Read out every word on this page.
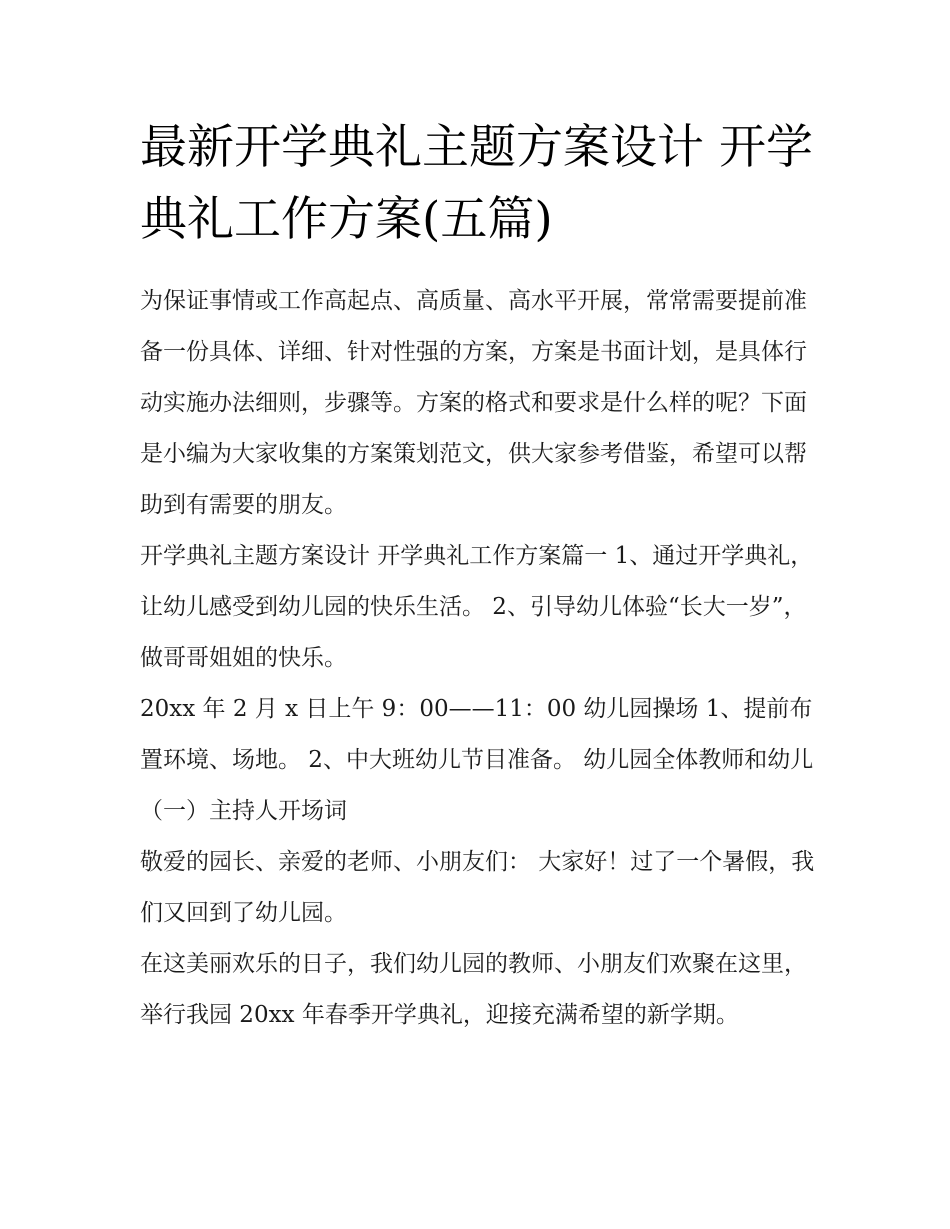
最新开学典礼主题方案设计 开学典礼工作方案(五篇)

为保证事情或工作高起点、高质量、高水平开展，常常需要提前准备一份具体、详细、针对性强的方案，方案是书面计划，是具体行动实施办法细则，步骤等。方案的格式和要求是什么样的呢？下面是小编为大家收集的方案策划范文，供大家参考借鉴，希望可以帮助到有需要的朋友。

开学典礼主题方案设计 开学典礼工作方案篇一 1、通过开学典礼，让幼儿感受到幼儿园的快乐生活。 2、引导幼儿体验“长大一岁”，做哥哥姐姐的快乐。

20xx 年 2 月 x 日上午 9：00——11：00 幼儿园操场 1、提前布置环境、场地。 2、中大班幼儿节目准备。 幼儿园全体教师和幼儿 （一）主持人开场词

敬爱的园长、亲爱的老师、小朋友们： 大家好！过了一个暑假，我们又回到了幼儿园。

在这美丽欢乐的日子，我们幼儿园的教师、小朋友们欢聚在这里，举行我园 20xx 年春季开学典礼，迎接充满希望的新学期。
